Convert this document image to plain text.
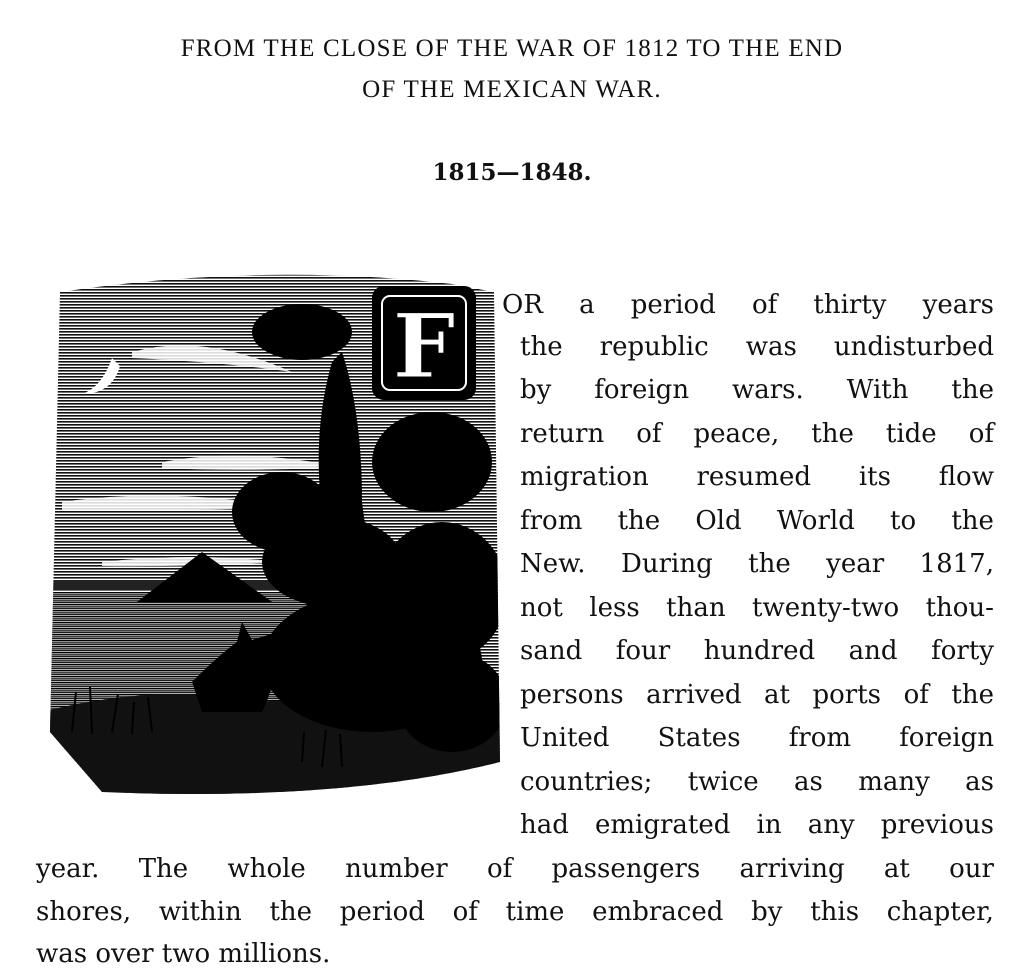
FROM THE CLOSE OF THE WAR OF 1812 TO THE END
OF THE MEXICAN WAR.
1815—1848.
F OR a period of thirty years
the republic was undisturbed
by foreign wars. With the
return of peace, the tide of
migration resumed its flow
from the Old World to the
New. During the year 1817,
not less than twenty-two thou-
sand four hundred and forty
persons arrived at ports of the
United States from foreign
countries; twice as many as
had emigrated in any previous
year. The whole number of passengers arriving at our
shores, within the period of time embraced by this chapter,
was over two millions.
